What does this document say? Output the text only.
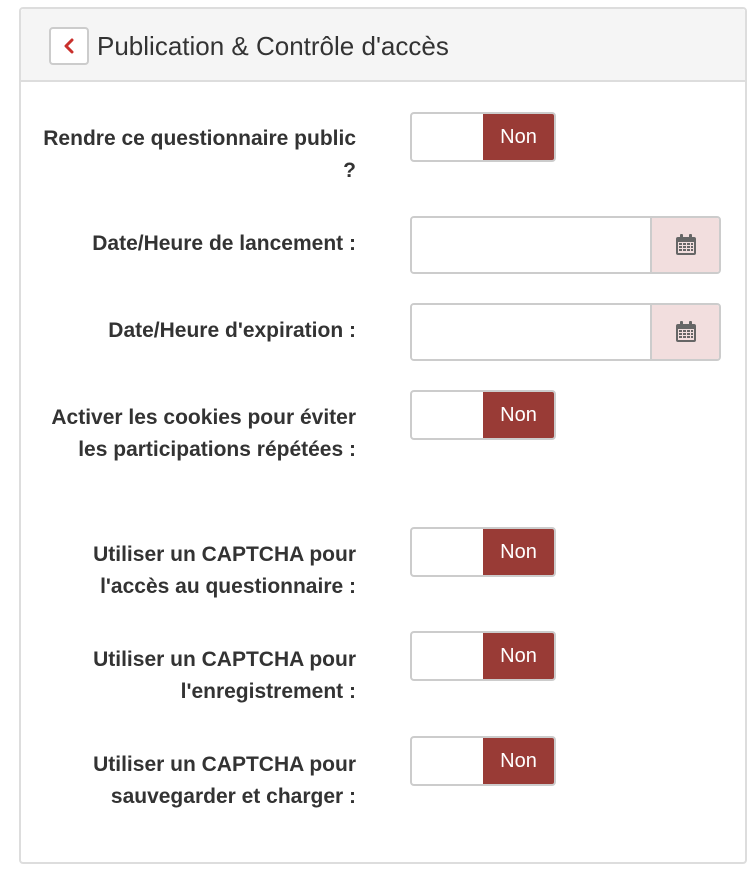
Publication & Contrôle d'accès
Rendre ce questionnaire public ?
Non
Date/Heure de lancement :
Date/Heure d'expiration :
Activer les cookies pour éviter les participations répétées :
Non
Utiliser un CAPTCHA pour l'accès au questionnaire :
Non
Utiliser un CAPTCHA pour l'enregistrement :
Non
Utiliser un CAPTCHA pour sauvegarder et charger :
Non
